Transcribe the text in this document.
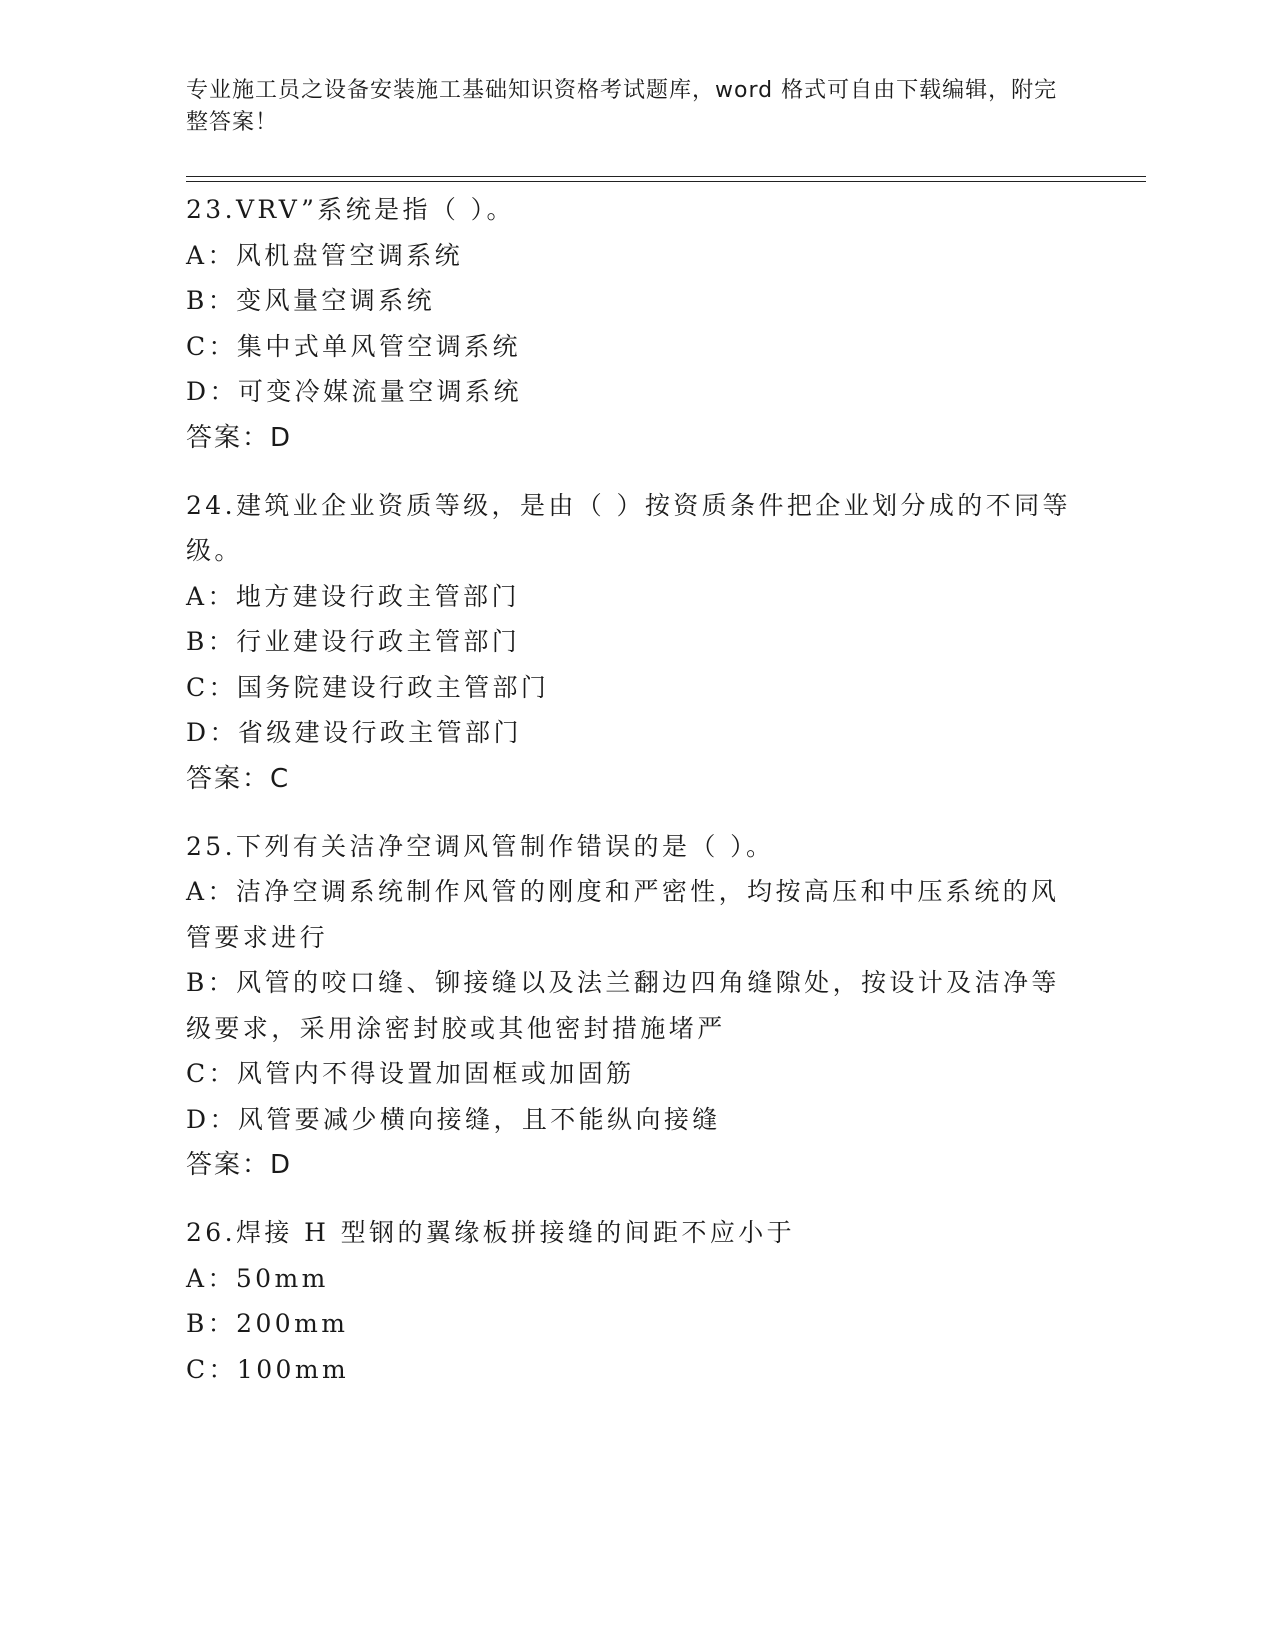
专业施工员之设备安装施工基础知识资格考试题库，word 格式可自由下载编辑，附完整答案！

23.VRV”系统是指（ ）。

A：风机盘管空调系统

B：变风量空调系统

C：集中式单风管空调系统

D：可变冷媒流量空调系统

答案：D

24.建筑业企业资质等级，是由（ ）按资质条件把企业划分成的不同等级。

A：地方建设行政主管部门

B：行业建设行政主管部门

C：国务院建设行政主管部门

D：省级建设行政主管部门

答案：C

25.下列有关洁净空调风管制作错误的是（ ）。

A：洁净空调系统制作风管的刚度和严密性，均按高压和中压系统的风管要求进行

B：风管的咬口缝、铆接缝以及法兰翻边四角缝隙处，按设计及洁净等级要求，采用涂密封胶或其他密封措施堵严

C：风管内不得设置加固框或加固筋

D：风管要减少横向接缝，且不能纵向接缝

答案：D

26.焊接 H 型钢的翼缘板拼接缝的间距不应小于

A：50mm

B：200mm

C：100mm
